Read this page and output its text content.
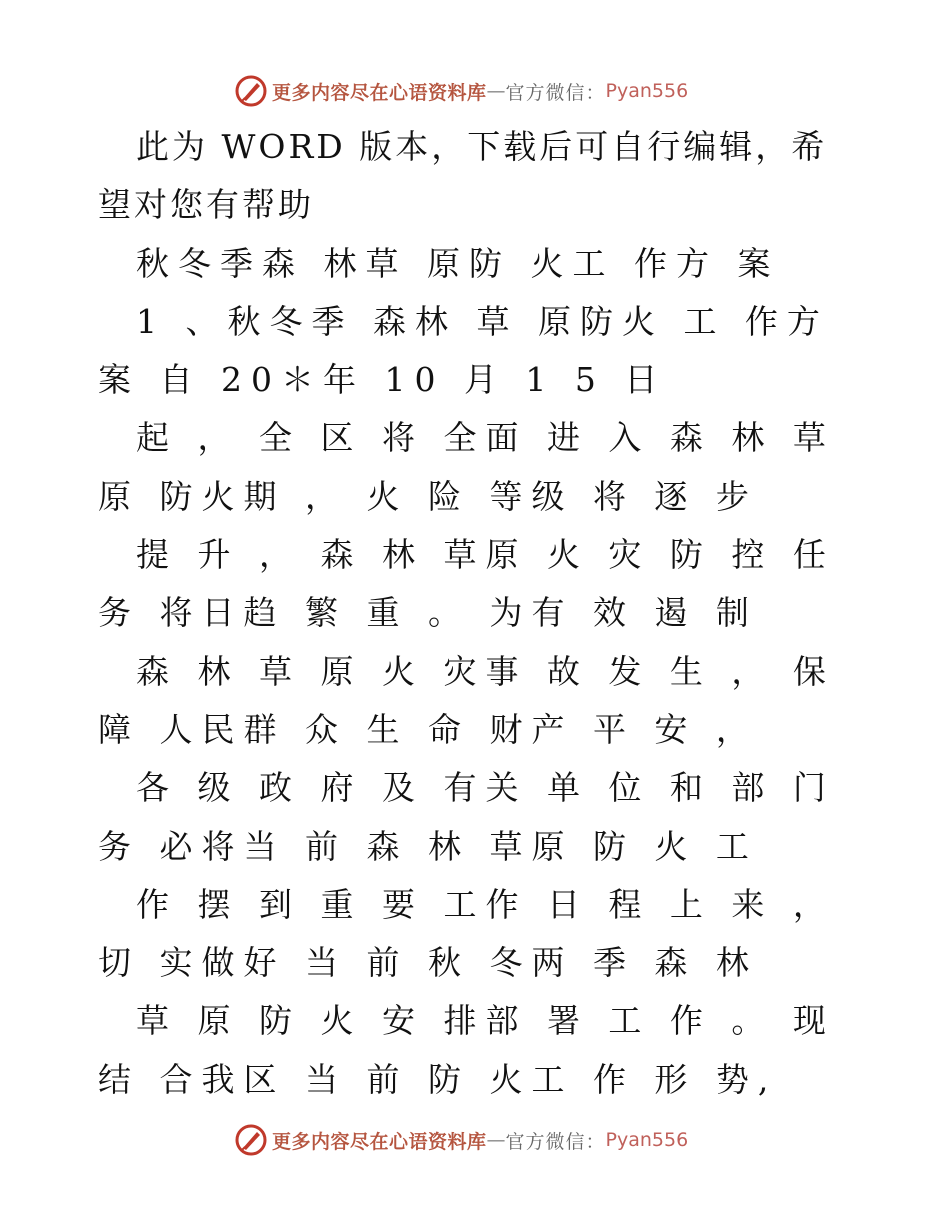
更多内容尽在心语资料库 — 官方微信： Pyan556

此为 WORD 版本，下载后可自行编辑，希望对您有帮助

秋冬季森 林草 原防 火工 作方 案

1 、秋冬季 森林 草 原防火 工 作方案 自 20＊年 10 月 1 5 日

起 ， 全 区 将 全面 进 入 森 林 草 原 防火期 ， 火 险 等级 将 逐 步

提 升 ， 森 林 草原 火 灾 防 控 任 务 将日趋 繁 重 。 为有 效 遏 制

森 林 草 原 火 灾事 故 发 生 ， 保 障 人民群 众 生 命 财产 平 安 ，

各 级 政 府 及 有关 单 位 和 部 门 务 必将当 前 森 林 草原 防 火 工

作 摆 到 重 要 工作 日 程 上 来 ， 切 实做好 当 前 秋 冬两 季 森 林

草 原 防 火 安 排部 署 工 作 。 现 结 合我区 当 前 防 火工 作 形 势,

更多内容尽在心语资料库 — 官方微信： Pyan556
